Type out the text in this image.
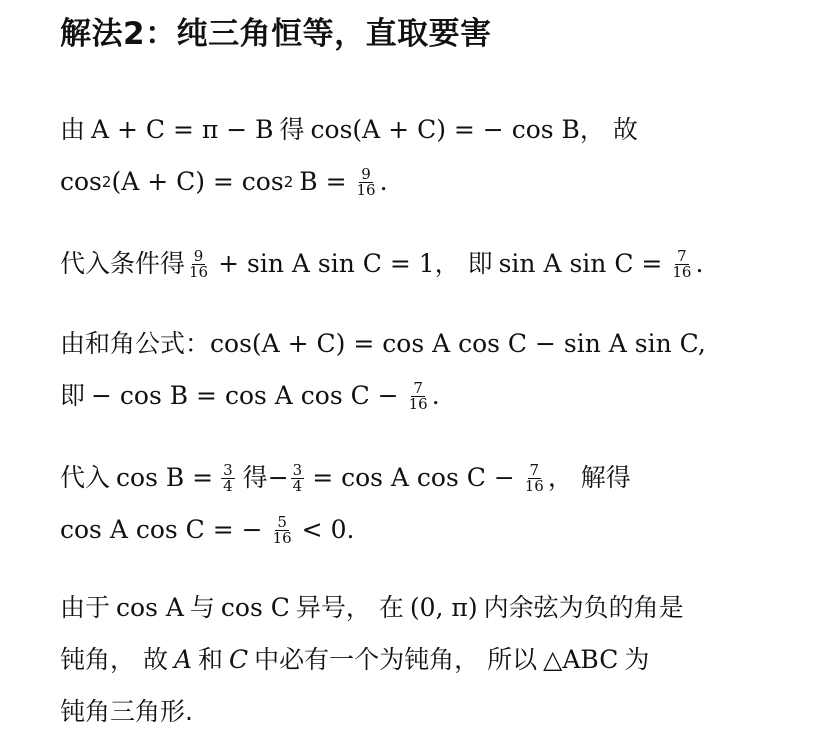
解法2：纯三角恒等，直取要害
由 A + C = π − B 得 cos(A + C) = − cos B ， 故
cos 2 (A + C) = cos 2 $B = \frac{9}{16}$ .
代入条件得 $\frac{9}{16} + \sin A$ sin C = 1 ， 即 sin A $\sin C = \frac{7}{16}$ .
由和角公式： cos(A + C) = cos A cos C − sin A sin C,
即 − cos B = cos A $\cos C - \frac{7}{16}$ .
代入 $\cos B = \frac{3}{4}$ 得 − $\frac{3}{4} = \cos A$ $\cos C - \frac{7}{16}$ ， 解得
cos A cos C = − $\frac{5}{16} < 0$.
由于 cos A 与 cos C 异号， 在 (0, π) 内余弦为负的角是
钝角， 故 A 和 C 中必有一个为钝角， 所以 △ABC 为
钝角三角形.
